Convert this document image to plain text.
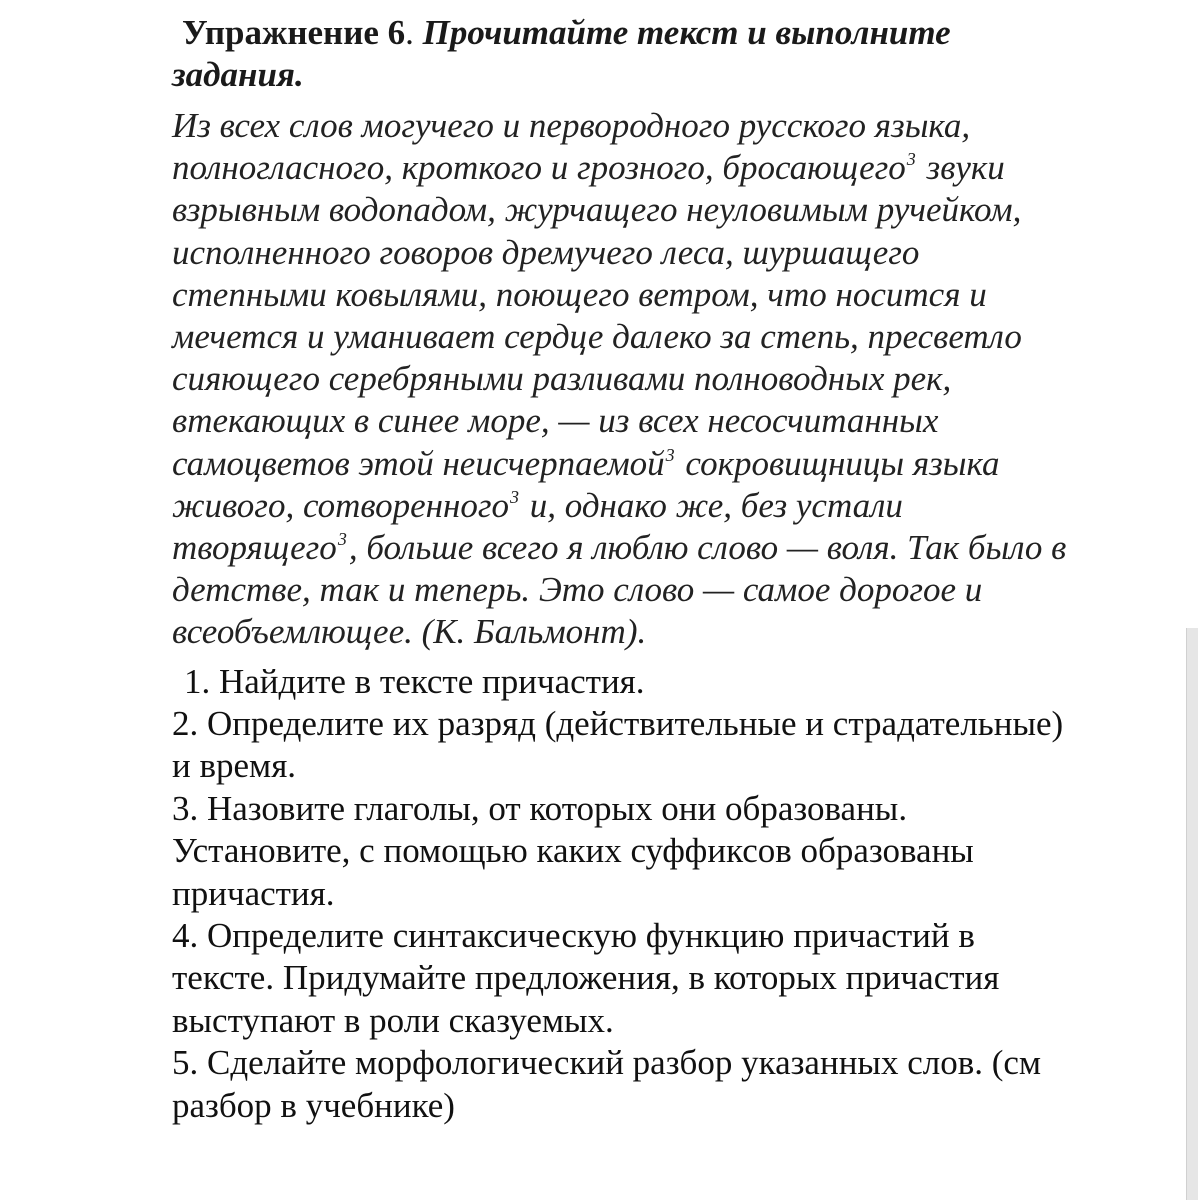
Упражнение 6. Прочитайте текст и выполните
задания.
Из всех слов могучего и первородного русского языка,
полногласного, кроткого и грозного, бросающего$^3$ звуки
взрывным водопадом, журчащего неуловимым ручейком,
исполненного говоров дремучего леса, шуршащего
степными ковылями, поющего ветром, что носится и
мечется и уманивает сердце далеко за степь, пресветло
сияющего серебряными разливами полноводных рек,
втекающих в синее море, — из всех несосчитанных
самоцветов этой неисчерпаемой$^3$ сокровищницы языка
живого, сотворенного$^3$ и, однако же, без устали
творящего$^3$, больше всего я люблю слово — воля. Так было в
детстве, так и теперь. Это слово — самое дорогое и
всеобъемлющее. (К. Бальмонт).
1. Найдите в тексте причастия.
2. Определите их разряд (действительные и страдательные)
и время.
3. Назовите глаголы, от которых они образованы.
Установите, с помощью каких суффиксов образованы
причастия.
4. Определите синтаксическую функцию причастий в
тексте. Придумайте предложения, в которых причастия
выступают в роли сказуемых.
5. Сделайте морфологический разбор указанных слов. (см
разбор в учебнике)
